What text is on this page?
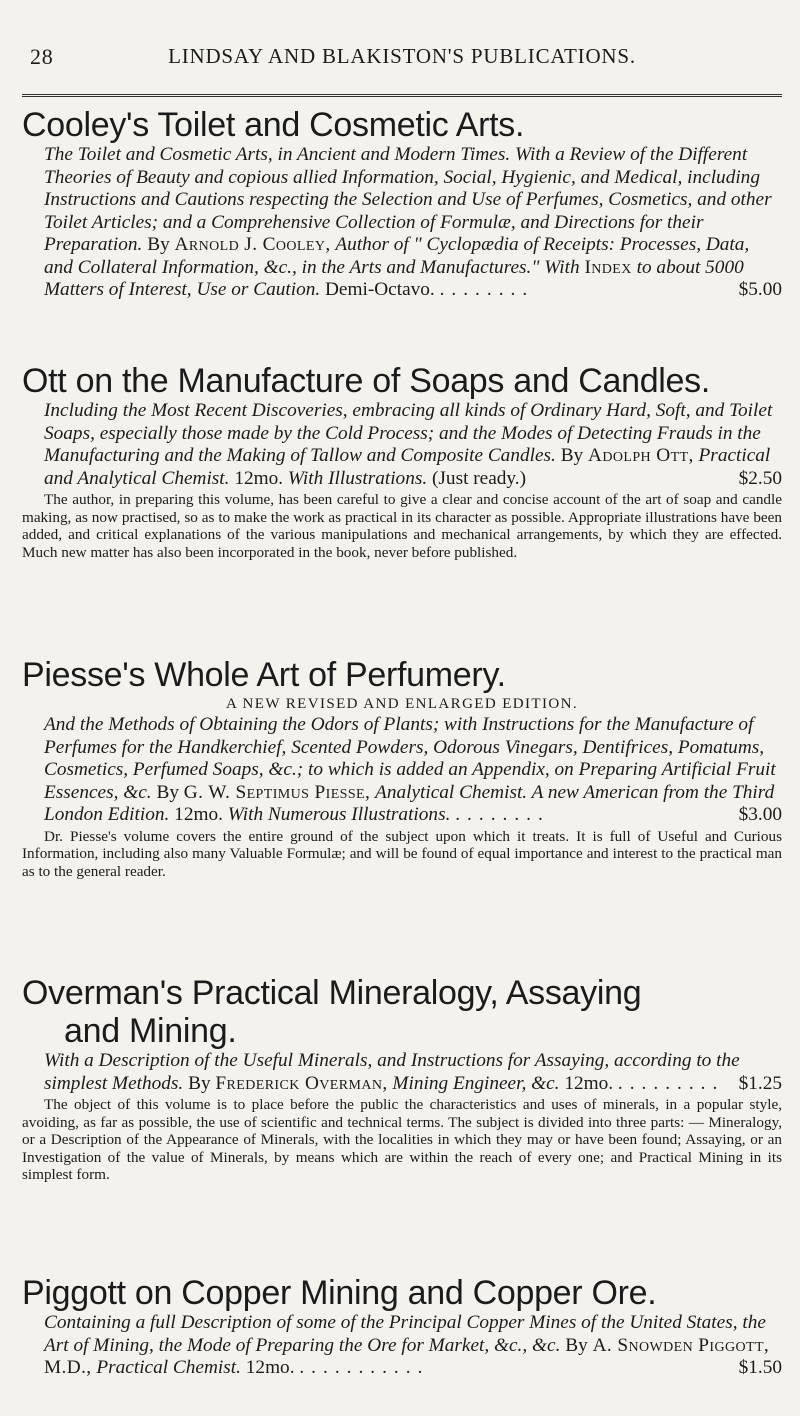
28	LINDSAY AND BLAKISTON'S PUBLICATIONS.
Cooley's Toilet and Cosmetic Arts.
The Toilet and Cosmetic Arts, in Ancient and Modern Times. With a Review of the Different Theories of Beauty and copious allied Information, Social, Hygienic, and Medical, including Instructions and Cautions respecting the Selection and Use of Perfumes, Cosmetics, and other Toilet Articles; and a Comprehensive Collection of Formulæ, and Directions for their Preparation. By Arnold J. Cooley, Author of " Cyclopædia of Receipts: Processes, Data, and Collateral Information, &c., in the Arts and Manufactures." With Index to about 5000 Matters of Interest, Use or Caution. Demi-Octavo. ........	$5.00
Ott on the Manufacture of Soaps and Candles.
Including the Most Recent Discoveries, embracing all kinds of Ordinary Hard, Soft, and Toilet Soaps, especially those made by the Cold Process; and the Modes of Detecting Frauds in the Manufacturing and the Making of Tallow and Composite Candles. By Adolph Ott, Practical and Analytical Chemist. 12mo. With Illustrations. (Just ready.)	$2.50

The author, in preparing this volume, has been careful to give a clear and concise account of the art of soap and candle making, as now practised, so as to make the work as practical in its character as possible. Appropriate illustrations have been added, and critical explanations of the various manipulations and mechanical arrangements, by which they are effected. Much new matter has also been incorporated in the book, never before published.

Piesse's Whole Art of Perfumery.
A NEW REVISED AND ENLARGED EDITION.
And the Methods of Obtaining the Odors of Plants; with Instructions for the Manufacture of Perfumes for the Handkerchief, Scented Powders, Odorous Vinegars, Dentifrices, Pomatums, Cosmetics, Perfumed Soaps, &c.; to which is added an Appendix, on Preparing Artificial Fruit Essences, &c. By G. W. Septimus Piesse, Analytical Chemist. A new American from the Third London Edition. 12mo. With Numerous Illustrations. ........	$3.00

Dr. Piesse's volume covers the entire ground of the subject upon which it treats. It is full of Useful and Curious Information, including also many Valuable Formulæ; and will be found of equal importance and interest to the practical man as to the general reader.

Overman's Practical Mineralogy, Assaying
and Mining.
With a Description of the Useful Minerals, and Instructions for Assaying, according to the simplest Methods. By Frederick Overman, Mining Engineer, &c. 12mo. ......... $1.25

The object of this volume is to place before the public the characteristics and uses of minerals, in a popular style, avoiding, as far as possible, the use of scientific and technical terms. The subject is divided into three parts: — Mineralogy, or a Description of the Appearance of Minerals, with the localities in which they may or have been found; Assaying, or an Investigation of the value of Minerals, by means which are within the reach of every one; and Practical Mining in its simplest form.

Piggott on Copper Mining and Copper Ore.
Containing a full Description of some of the Principal Copper Mines of the United States, the Art of Mining, the Mode of Preparing the Ore for Market, &c., &c. By A. Snowden Piggott, M.D., Practical Chemist. 12mo. ...........	$1.50
